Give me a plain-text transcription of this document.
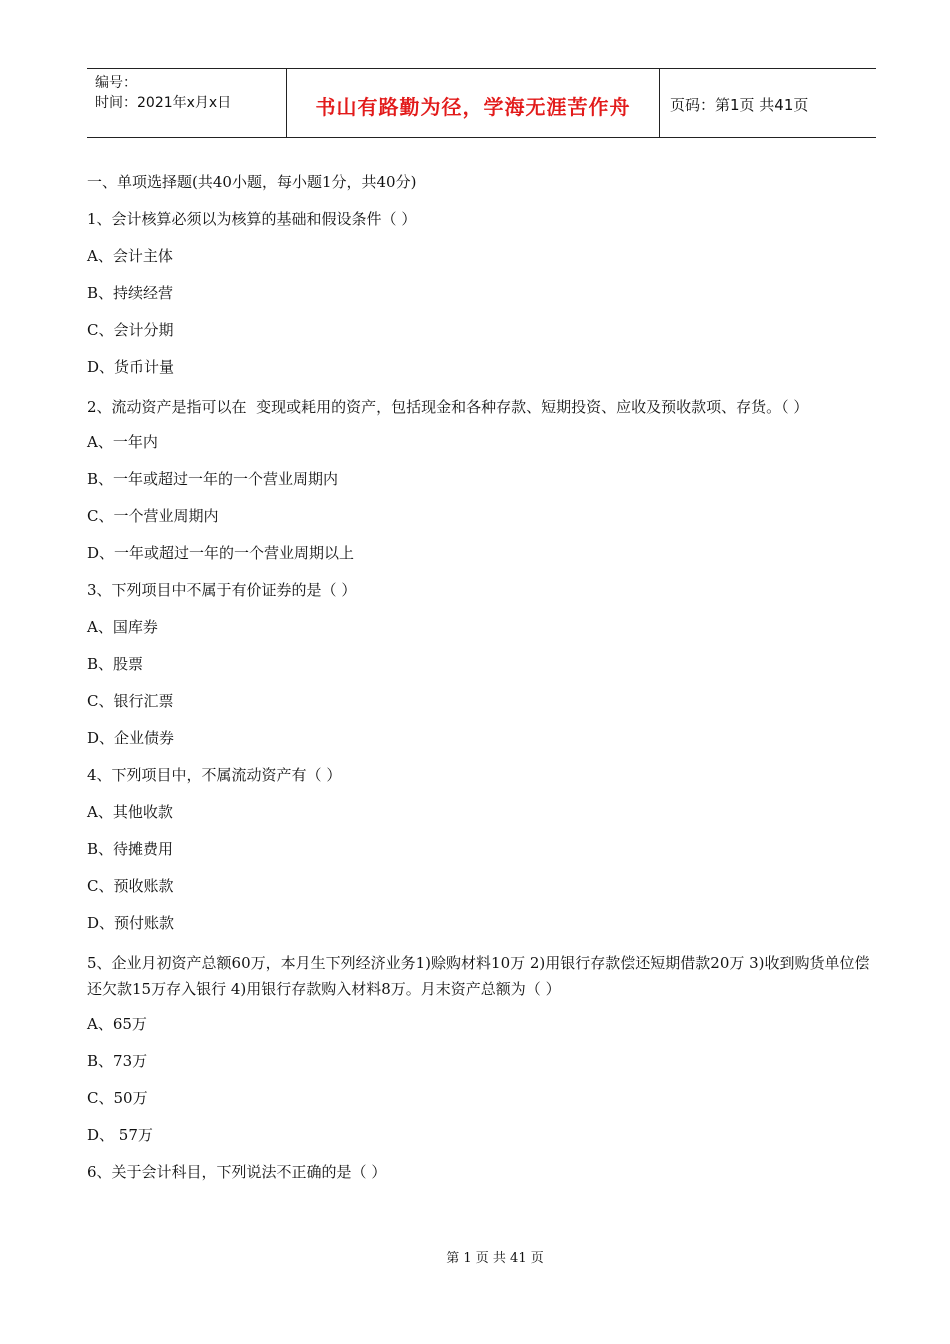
编号：
时间：2021年x月x日	书山有路勤为径，学海无涯苦作舟	页码：第1页 共41页
一、单项选择题(共40小题，每小题1分，共40分)
1、会计核算必须以为核算的基础和假设条件（ ）
A、会计主体
B、持续经营
C、会计分期
D、货币计量
2、流动资产是指可以在  变现或耗用的资产，包括现金和各种存款、短期投资、应收及预收款项、存货。（ ）
A、一年内
B、一年或超过一年的一个营业周期内
C、一个营业周期内
D、一年或超过一年的一个营业周期以上
3、下列项目中不属于有价证券的是（ ）
A、国库券
B、股票
C、银行汇票
D、企业债券
4、下列项目中，不属流动资产有（ ）
A、其他收款
B、待摊费用
C、预收账款
D、预付账款
5、企业月初资产总额60万，本月生下列经济业务1)赊购材料10万 2)用银行存款偿还短期借款20万 3)收到购货单位偿还欠款15万存入银行 4)用银行存款购入材料8万。月末资产总额为（ ）
A、65万
B、73万
C、50万
D、 57万
6、关于会计科目，下列说法不正确的是（ ）
第 1 页 共 41 页
